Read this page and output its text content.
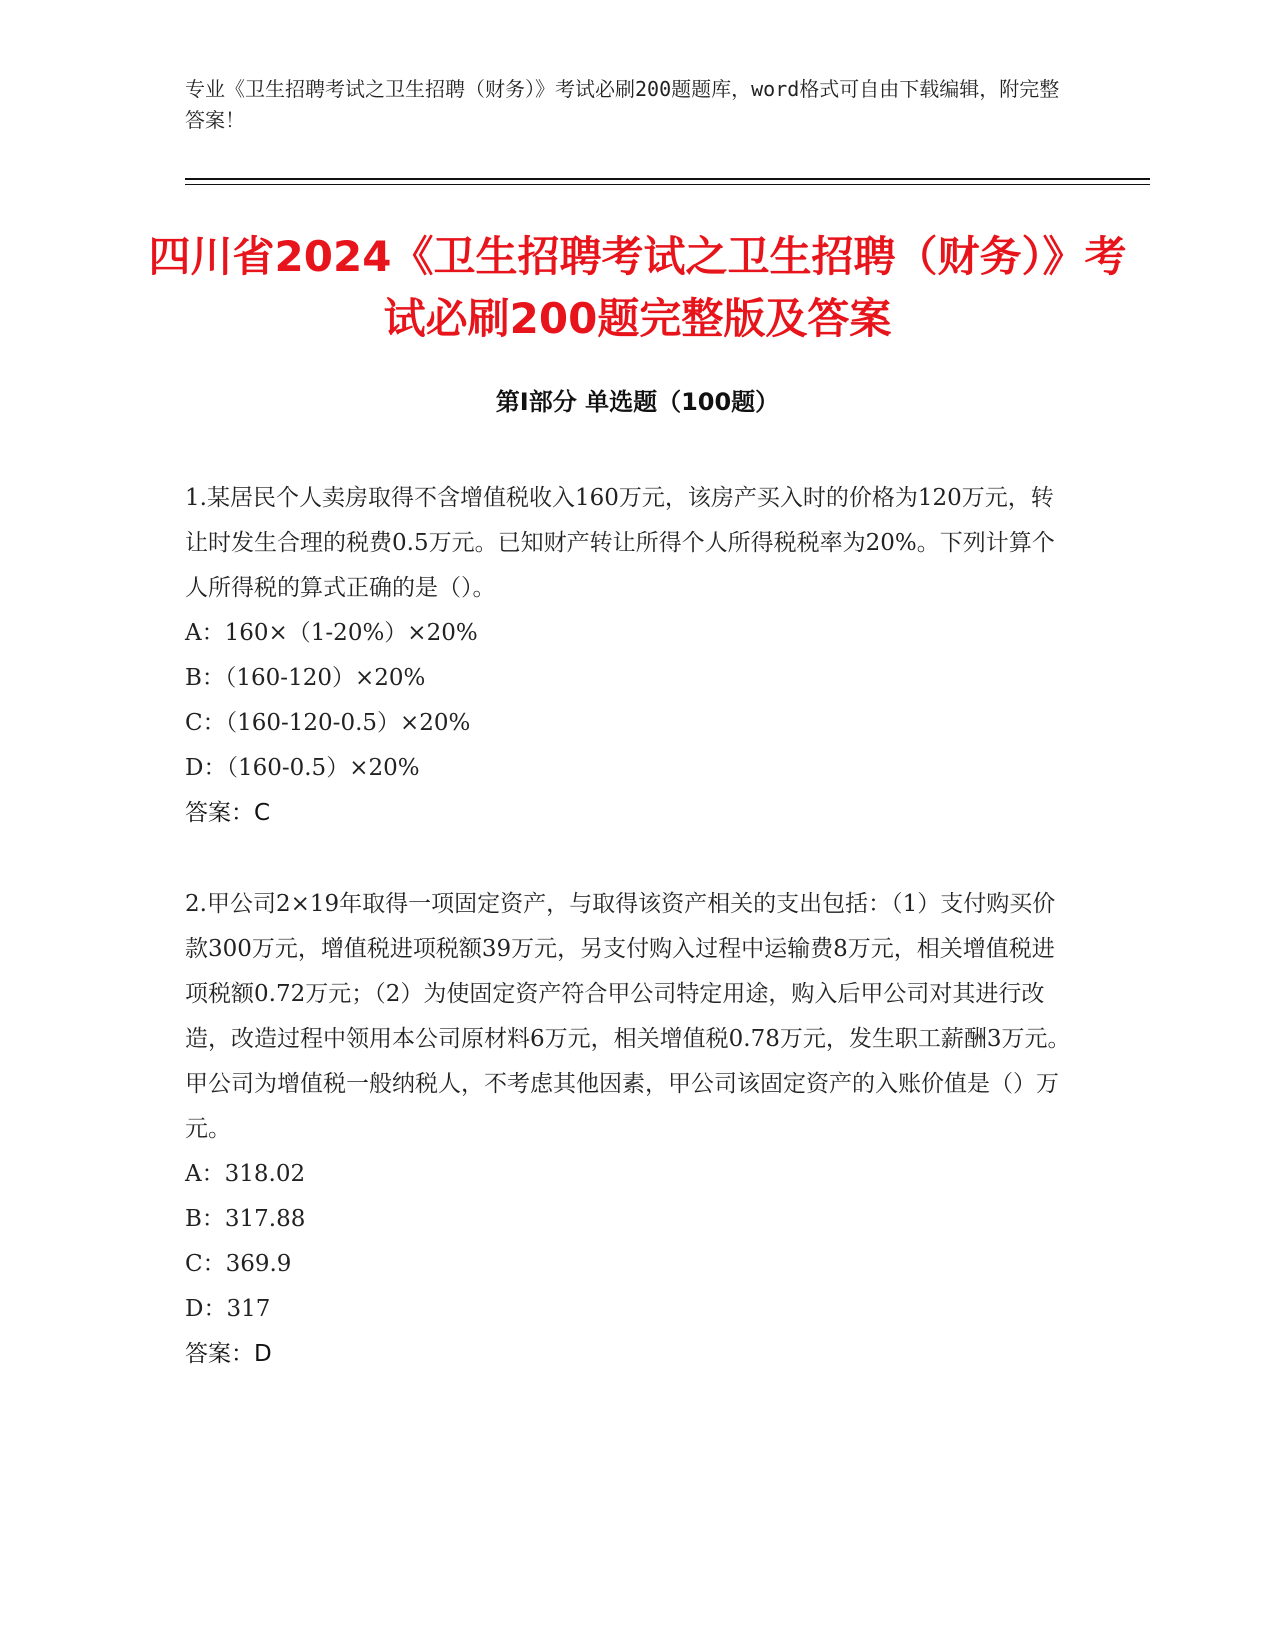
专业《卫生招聘考试之卫生招聘（财务）》考试必刷200题题库，word格式可自由下载编辑，附完整答案！
四川省2024《卫生招聘考试之卫生招聘（财务）》考试必刷200题完整版及答案
第Ⅰ部分 单选题（100题）

1.某居民个人卖房取得不含增值税收入160万元，该房产买入时的价格为120万元，转让时发生合理的税费0.5万元。已知财产转让所得个人所得税税率为20%。下列计算个人所得税的算式正确的是（）。

A：160×（1-20%）×20%

B：（160-120）×20%

C：（160-120-0.5）×20%

D：（160-0.5）×20%

答案：C

2.甲公司2×19年取得一项固定资产，与取得该资产相关的支出包括：（1）支付购买价款300万元，增值税进项税额39万元，另支付购入过程中运输费8万元，相关增值税进项税额0.72万元；（2）为使固定资产符合甲公司特定用途，购入后甲公司对其进行改造，改造过程中领用本公司原材料6万元，相关增值税0.78万元，发生职工薪酬3万元。甲公司为增值税一般纳税人，不考虑其他因素，甲公司该固定资产的入账价值是（）万元。

A：318.02

B：317.88

C：369.9

D：317

答案：D
